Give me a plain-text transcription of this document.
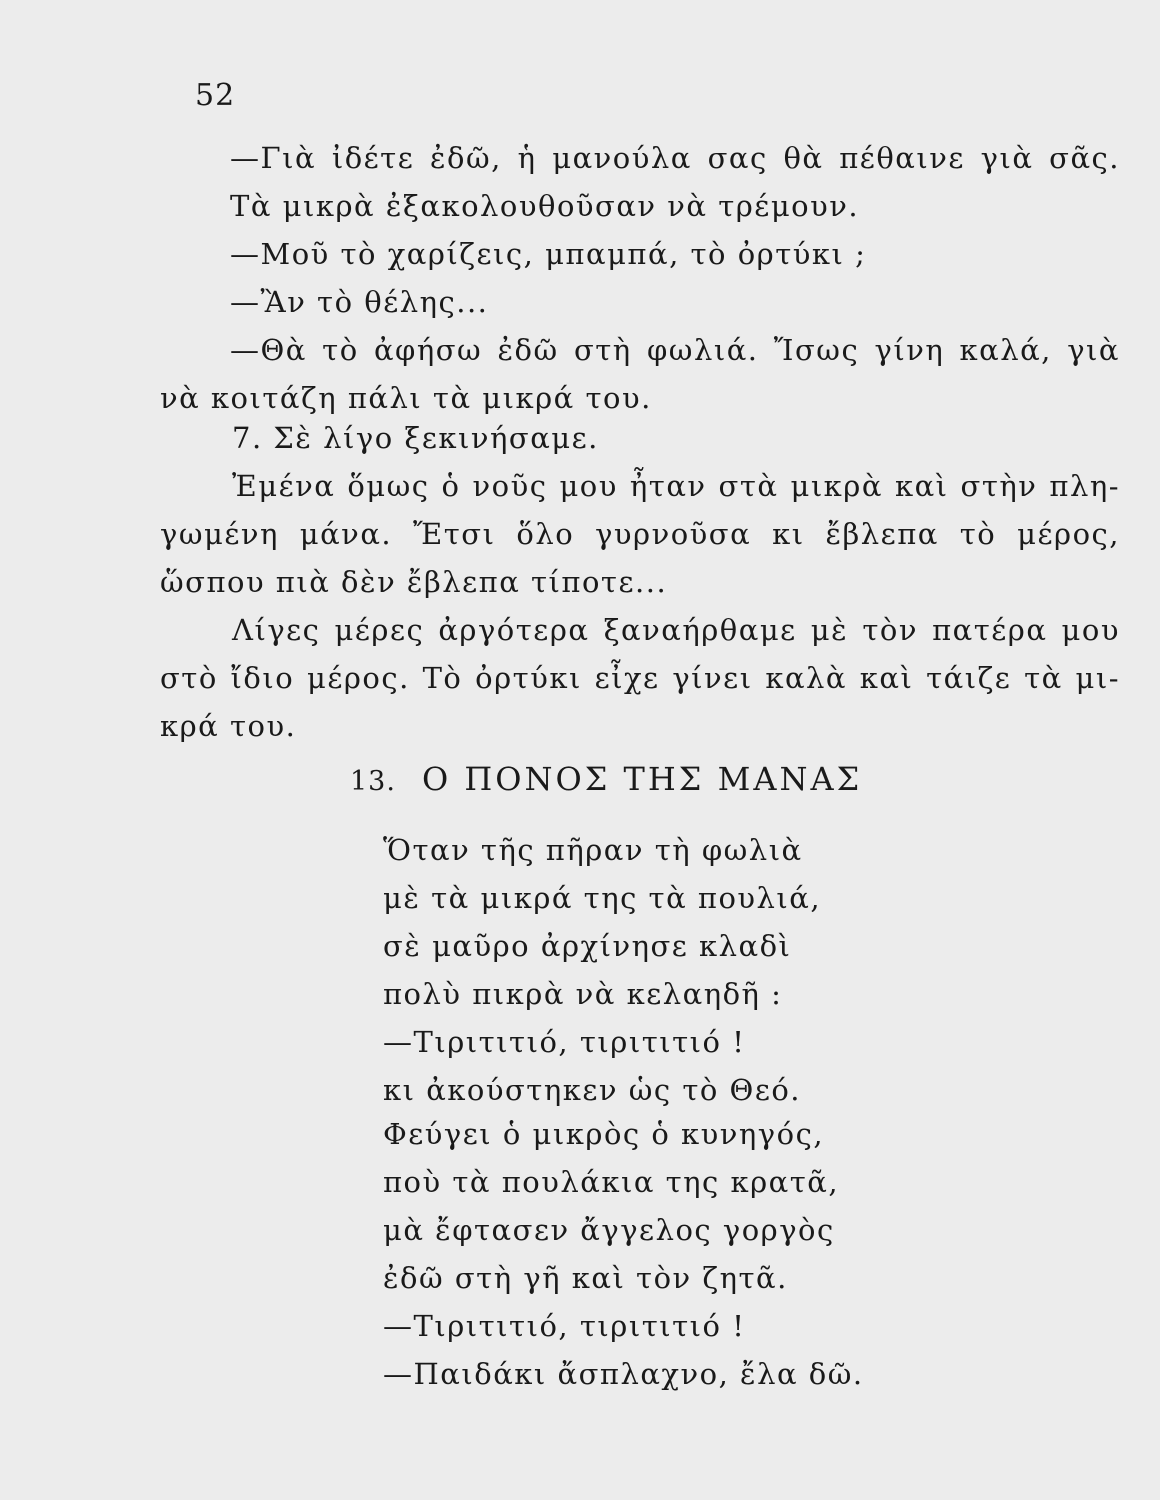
52
—Γιὰ ἰδέτε ἐδῶ, ἡ μανούλα σας θὰ πέθαινε γιὰ σᾶς.
Τὰ μικρὰ ἐξακολουθοῦσαν νὰ τρέμουν.
—Μοῦ τὸ χαρίζεις, μπαμπά, τὸ ὀρτύκι ;
—Ἂν τὸ θέλης...
—Θὰ τὸ ἀφήσω ἐδῶ στὴ φωλιά. Ἴσως γίνη καλά, γιὰ
νὰ κοιτάζη πάλι τὰ μικρά του.
7. Σὲ λίγο ξεκινήσαμε.
Ἐμένα ὅμως ὁ νοῦς μου ἦταν στὰ μικρὰ καὶ στὴν πλη-
γωμένη μάνα. Ἔτσι ὅλο γυρνοῦσα κι ἔβλεπα τὸ μέρος,
ὥσπου πιὰ δὲν ἔβλεπα τίποτε...
Λίγες μέρες ἀργότερα ξαναήρθαμε μὲ τὸν πατέρα μου
στὸ ἴδιο μέρος. Τὸ ὀρτύκι εἶχε γίνει καλὰ καὶ τάιζε τὰ μι-
κρά του.
13. Ο ΠΟΝΟΣ ΤΗΣ ΜΑΝΑΣ
Ὅταν τῆς πῆραν τὴ φωλιὰ
μὲ τὰ μικρά της τὰ πουλιά,
σὲ μαῦρο ἀρχίνησε κλαδὶ
πολὺ πικρὰ νὰ κελαηδῆ :
—Τιριτιτιό, τιριτιτιό !
κι ἀκούστηκεν ὡς τὸ Θεό.
Φεύγει ὁ μικρὸς ὁ κυνηγός,
ποὺ τὰ πουλάκια της κρατᾶ,
μὰ ἔφτασεν ἄγγελος γοργὸς
ἐδῶ στὴ γῆ καὶ τὸν ζητᾶ.
—Τιριτιτιό, τιριτιτιό !
—Παιδάκι ἄσπλαχνο, ἔλα δῶ.
